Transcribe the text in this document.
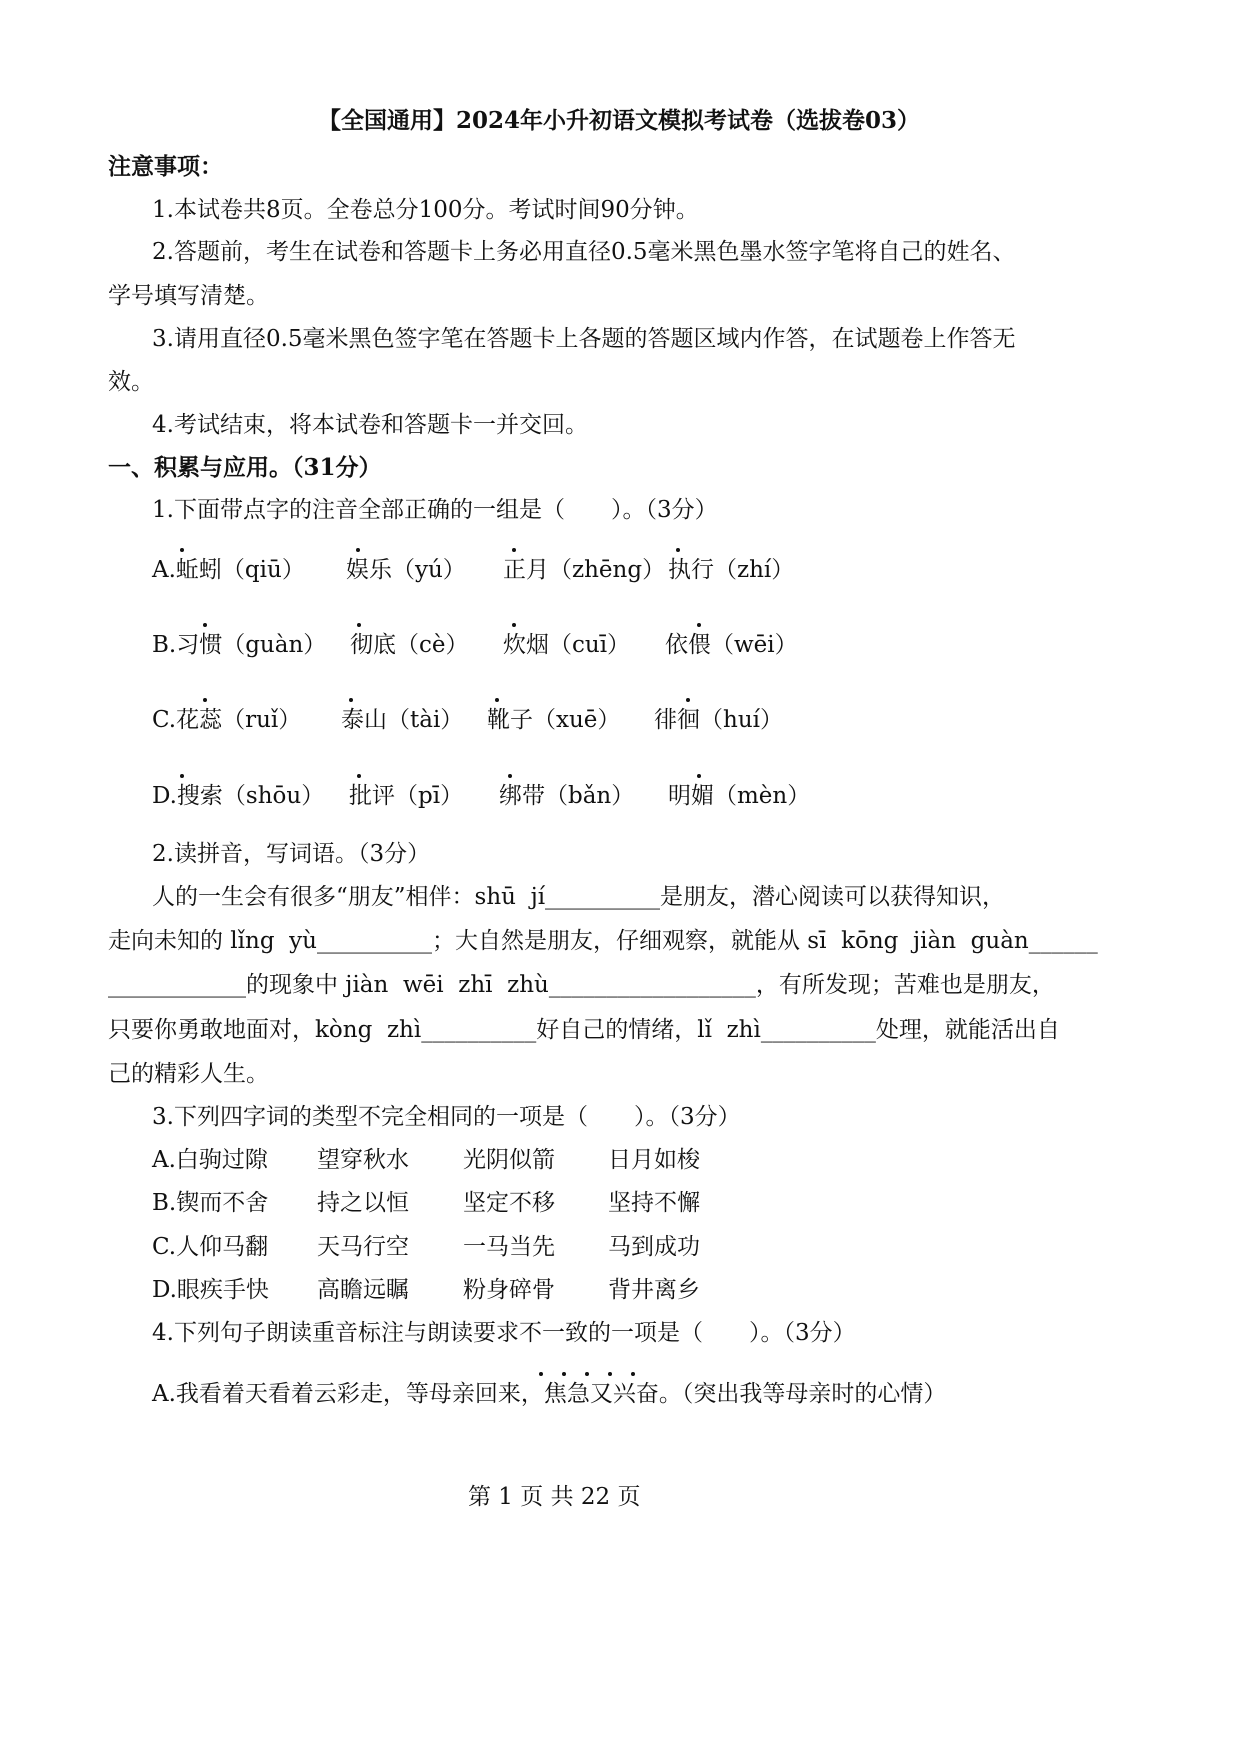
【全国通用】2024年小升初语文模拟考试卷（选拔卷03）
注意事项：
1.本试卷共8页。全卷总分100分。考试时间90分钟。
2.答题前，考生在试卷和答题卡上务必用直径0.5毫米黑色墨水签字笔将自己的姓名、
学号填写清楚。
3.请用直径0.5毫米黑色签字笔在答题卡上各题的答题区域内作答，在试题卷上作答无
效。
4.考试结束，将本试卷和答题卡一并交回。
一、积累与应用。（31分）
1.下面带点字的注音全部正确的一组是（　　）。（3分）
A.蚯蚓（qiū） 娱乐（yú） 正月（zhēng） 执行（zhí）
B.习惯（guàn） 彻底（cè） 炊烟（cuī） 依偎（wēi）
C.花蕊（ruǐ） 泰山（tài） 靴子（xuē） 徘徊（huí）
D.搜索（shōu） 批评（pī） 绑带（bǎn） 明媚（mèn）
2.读拼音，写词语。（3分）
人的一生会有很多“朋友”相伴：shū  jí__________是朋友，潜心阅读可以获得知识，
走向未知的 lǐng  yù__________；大自然是朋友，仔细观察，就能从 sī  kōng  jiàn  guàn______
____________的现象中 jiàn  wēi  zhī  zhù__________________，有所发现；苦难也是朋友，
只要你勇敢地面对，kòng  zhì__________好自己的情绪，lǐ  zhì__________处理，就能活出自
己的精彩人生。
3.下列四字词的类型不完全相同的一项是（　　）。（3分）
A.白驹过隙 望穿秋水 光阴似箭 日月如梭
B.锲而不舍 持之以恒 坚定不移 坚持不懈
C.人仰马翻 天马行空 一马当先 马到成功
D.眼疾手快 高瞻远瞩 粉身碎骨 背井离乡
4.下列句子朗读重音标注与朗读要求不一致的一项是（　　）。（3分）
A.我看着天看着云彩走，等母亲回来，焦急又兴奋。（突出我等母亲时的心情）
第 1 页 共 22 页
